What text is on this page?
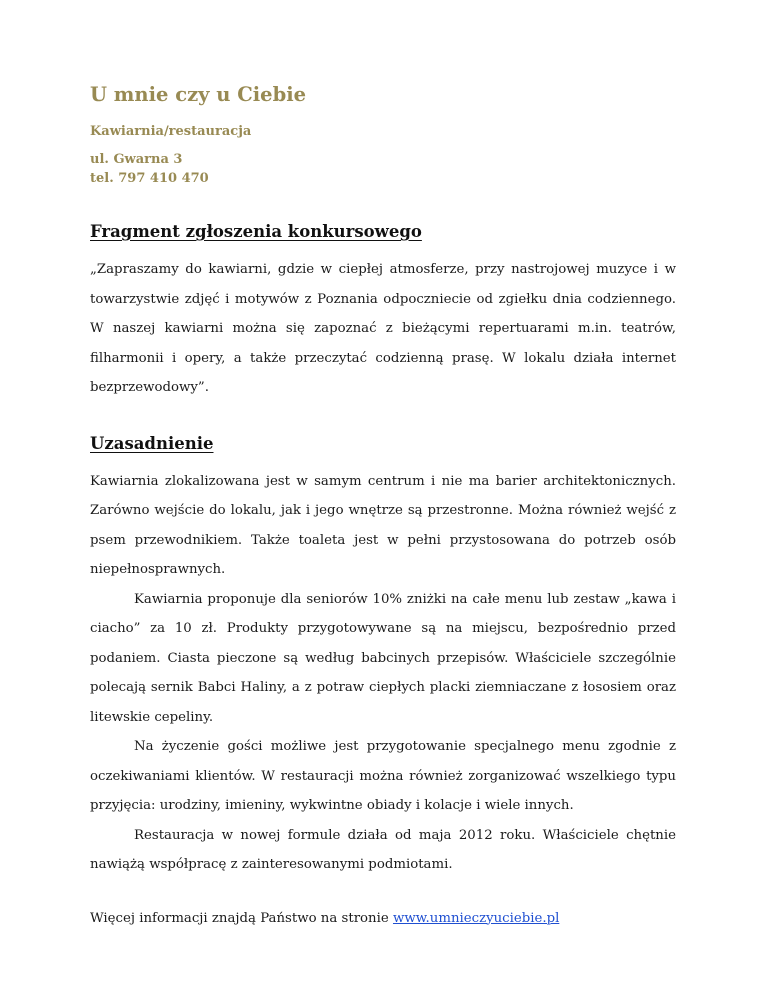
U mnie czy u Ciebie

Kawiarnia/restauracja

ul. Gwarna 3
tel. 797 410 470

Fragment zgłoszenia konkursowego

„Zapraszamy do kawiarni, gdzie w ciepłej atmosferze, przy nastrojowej muzyce i w towarzystwie zdjęć i motywów z Poznania odpoczniecie od zgiełku dnia codziennego. W naszej kawiarni można się zapoznać z bieżącymi repertuarami m.in. teatrów, filharmonii i opery, a także przeczytać codzienną prasę. W lokalu działa internet bezprzewodowy”.

Uzasadnienie

Kawiarnia zlokalizowana jest w samym centrum i nie ma barier architektonicznych. Zarówno wejście do lokalu, jak i jego wnętrze są przestronne. Można również wejść z psem przewodnikiem. Także toaleta jest w pełni przystosowana do potrzeb osób niepełnosprawnych.

Kawiarnia proponuje dla seniorów 10% zniżki na całe menu lub zestaw „kawa i ciacho” za 10 zł. Produkty przygotowywane są na miejscu, bezpośrednio przed podaniem. Ciasta pieczone są według babcinych przepisów. Właściciele szczególnie polecają sernik Babci Haliny, a z potraw ciepłych placki ziemniaczane z łososiem oraz litewskie cepeliny.

Na życzenie gości możliwe jest przygotowanie specjalnego menu zgodnie z oczekiwaniami klientów. W restauracji można również zorganizować wszelkiego typu przyjęcia: urodziny, imieniny, wykwintne obiady i kolacje i wiele innych.

Restauracja w nowej formule działa od maja 2012 roku. Właściciele chętnie nawiążą współpracę z zainteresowanymi podmiotami.

Więcej informacji znajdą Państwo na stronie www.umnieczyuciebie.pl
